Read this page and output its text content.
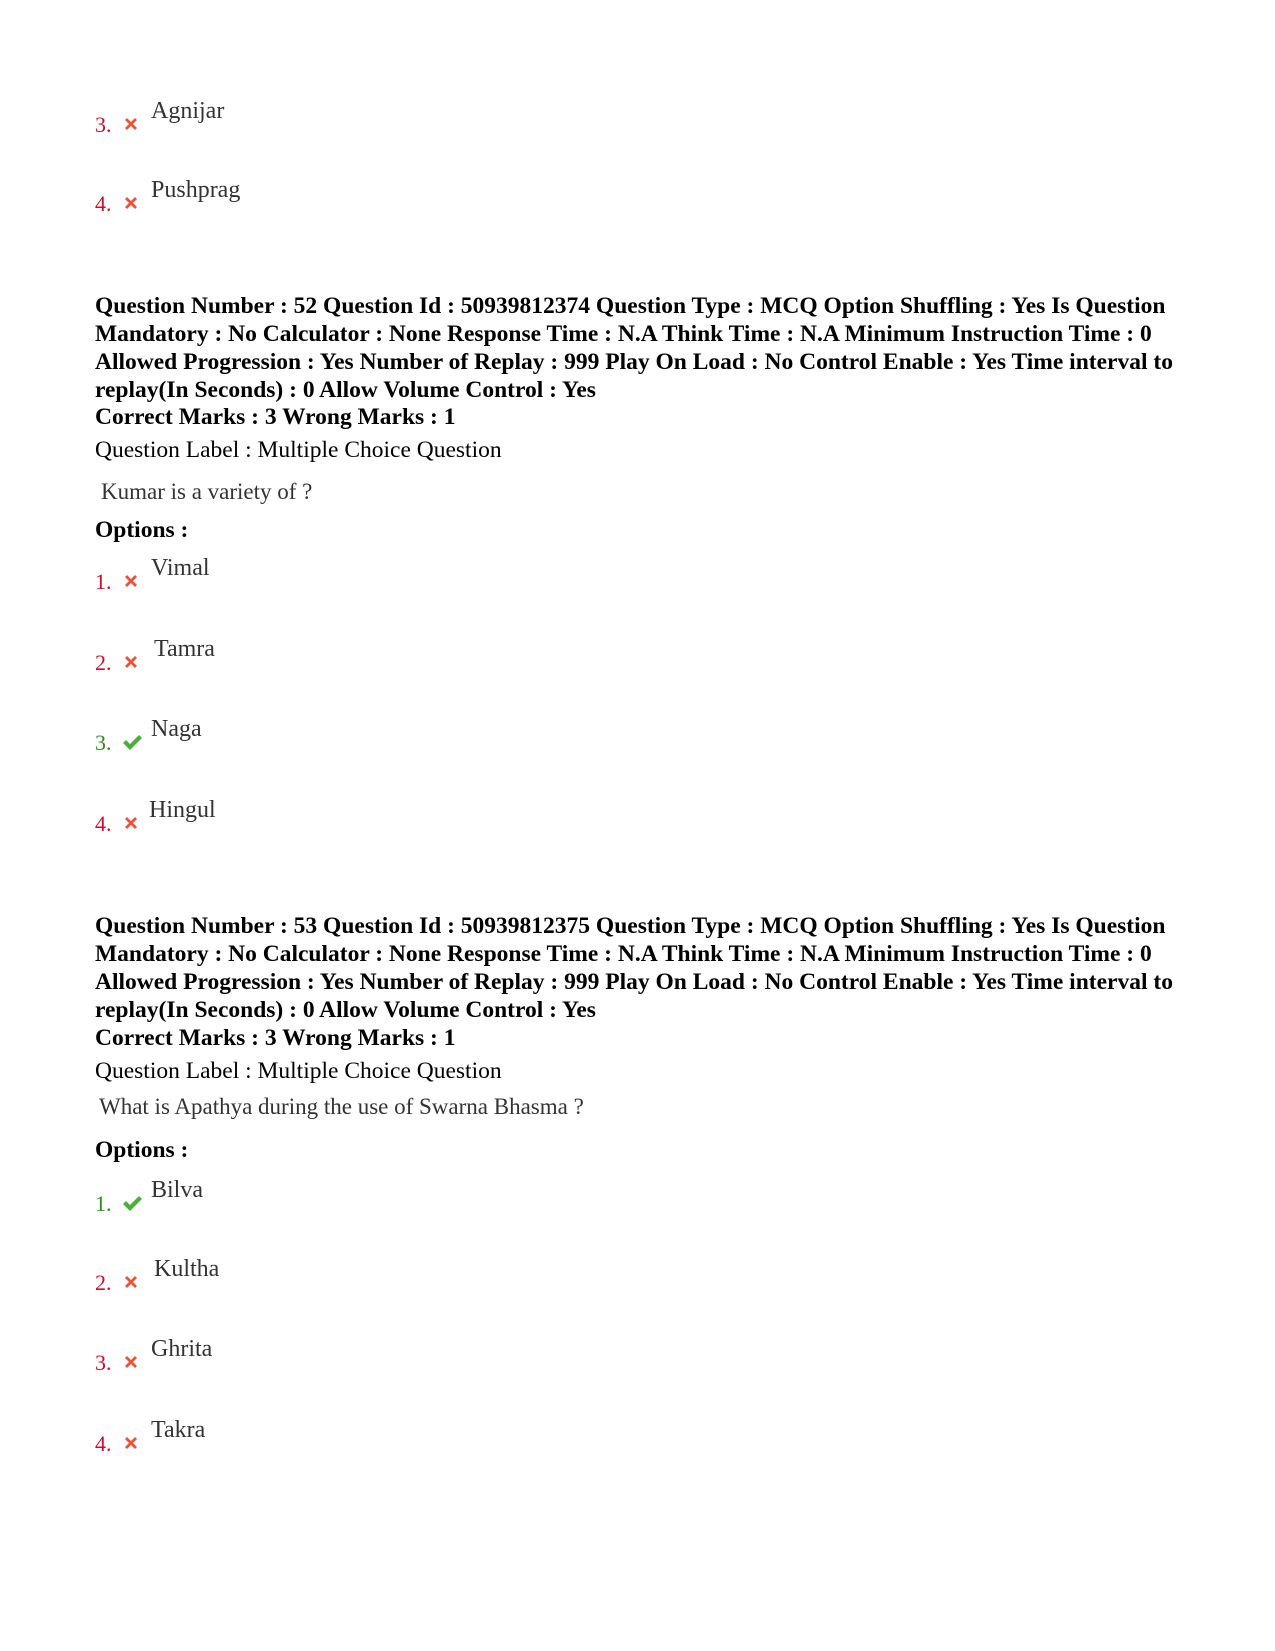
3.
Agnijar
4.
Pushprag
Question Number : 52 Question Id : 50939812374 Question Type : MCQ Option Shuffling : Yes Is Question Mandatory : No Calculator : None Response Time : N.A Think Time : N.A Minimum Instruction Time : 0 Allowed Progression : Yes Number of Replay : 999 Play On Load : No Control Enable : Yes Time interval to replay(In Seconds) : 0 Allow Volume Control : Yes
Correct Marks : 3 Wrong Marks : 1
Question Label : Multiple Choice Question
Kumar is a variety of ?
Options :
1.
Vimal
2.
Tamra
3.
Naga
4.
Hingul
Question Number : 53 Question Id : 50939812375 Question Type : MCQ Option Shuffling : Yes Is Question Mandatory : No Calculator : None Response Time : N.A Think Time : N.A Minimum Instruction Time : 0 Allowed Progression : Yes Number of Replay : 999 Play On Load : No Control Enable : Yes Time interval to replay(In Seconds) : 0 Allow Volume Control : Yes
Correct Marks : 3 Wrong Marks : 1
Question Label : Multiple Choice Question
What is Apathya during the use of Swarna Bhasma ?
Options :
1.
Bilva
2.
Kultha
3.
Ghrita
4.
Takra
